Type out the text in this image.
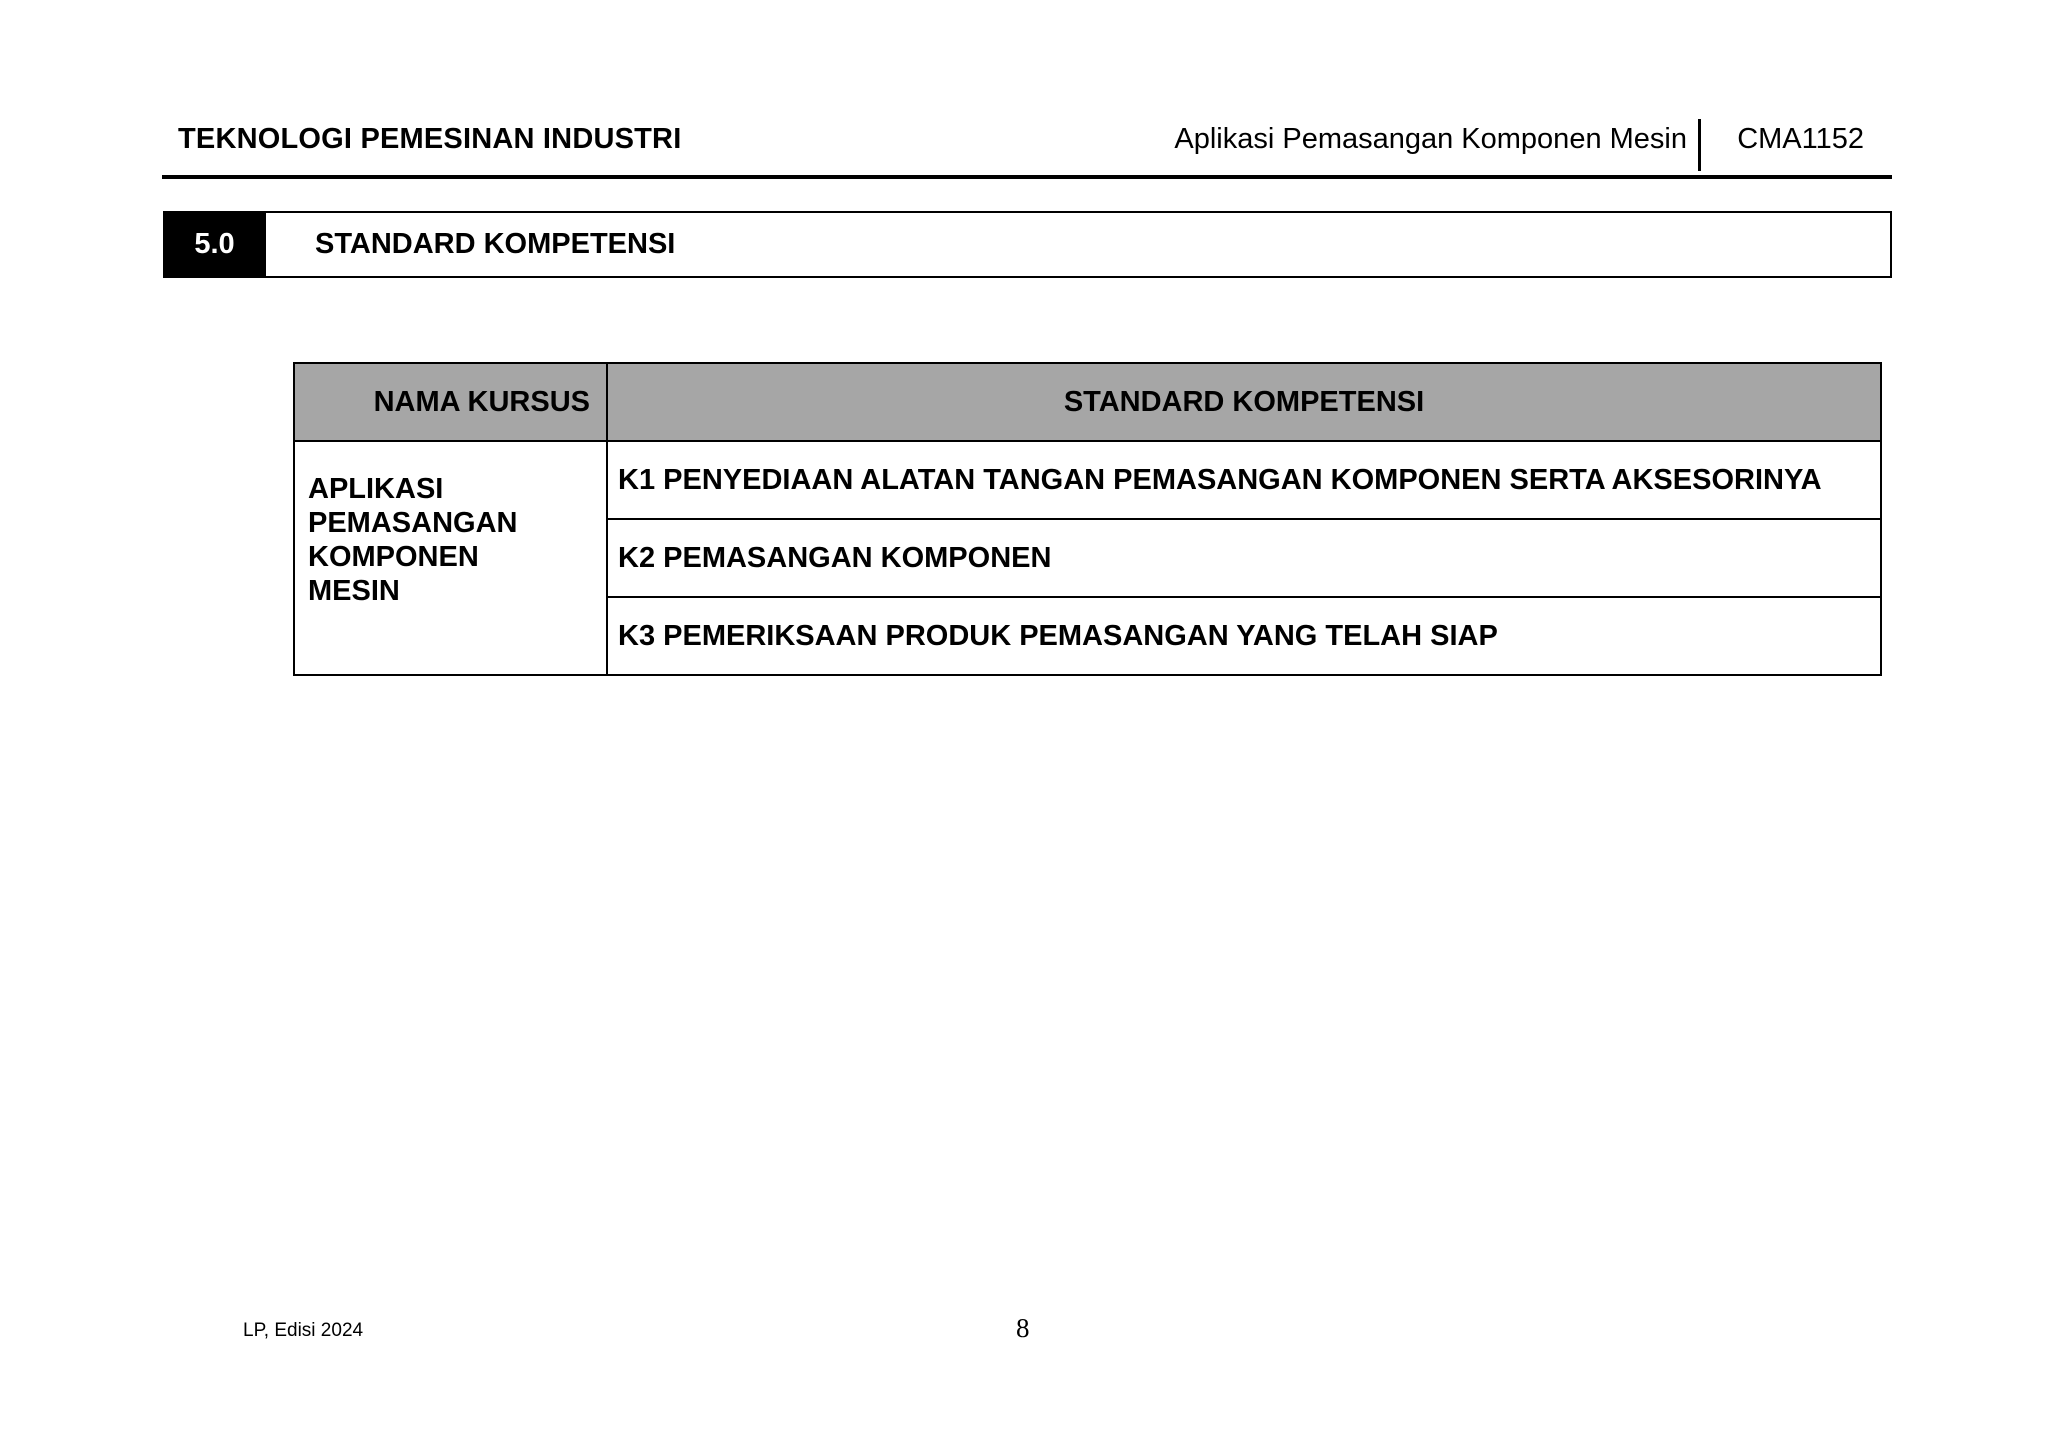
TEKNOLOGI PEMESINAN INDUSTRI	Aplikasi Pemasangan Komponen Mesin CMA1152
5.0	STANDARD KOMPETENSI
NAMA KURSUS	STANDARD KOMPETENSI

APLIKASI
PEMASANGAN
KOMPONEN
MESIN	K1 PENYEDIAAN ALATAN TANGAN PEMASANGAN KOMPONEN SERTA AKSESORINYA
	K2 PEMASANGAN KOMPONEN
	K3 PEMERIKSAAN PRODUK PEMASANGAN YANG TELAH SIAP
LP, Edisi 2024	8
